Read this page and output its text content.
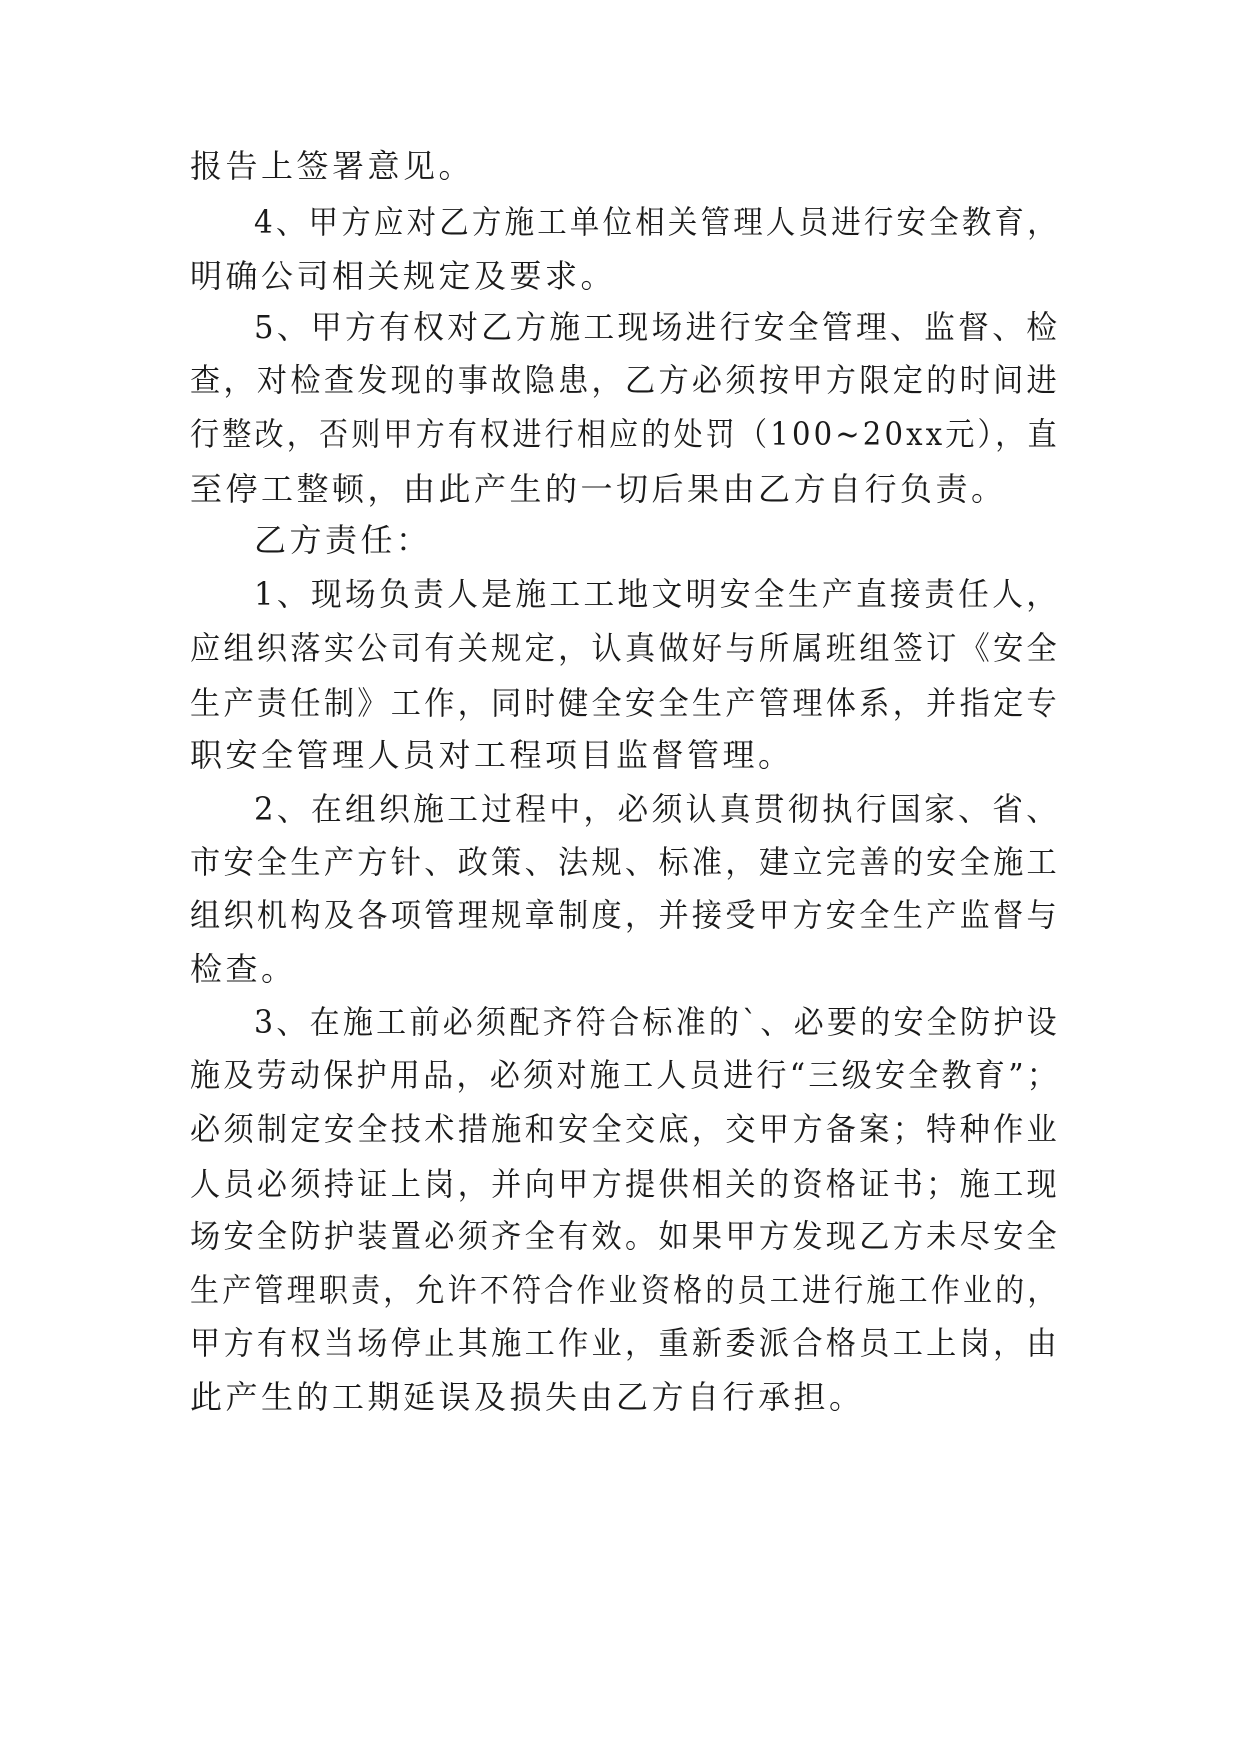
报告上签署意见。
4、甲方应对乙方施工单位相关管理人员进行安全教育，
明确公司相关规定及要求。
5、甲方有权对乙方施工现场进行安全管理、监督、检
查，对检查发现的事故隐患，乙方必须按甲方限定的时间进
行整改，否则甲方有权进行相应的处罚（100~20xx元），直
至停工整顿，由此产生的一切后果由乙方自行负责。
乙方责任：
1、现场负责人是施工工地文明安全生产直接责任人，
应组织落实公司有关规定，认真做好与所属班组签订《安全
生产责任制》工作，同时健全安全生产管理体系，并指定专
职安全管理人员对工程项目监督管理。
2、在组织施工过程中，必须认真贯彻执行国家、省、
市安全生产方针、政策、法规、标准，建立完善的安全施工
组织机构及各项管理规章制度，并接受甲方安全生产监督与
检查。
3、在施工前必须配齐符合标准的`、必要的安全防护设
施及劳动保护用品，必须对施工人员进行“三级安全教育”；
必须制定安全技术措施和安全交底，交甲方备案；特种作业
人员必须持证上岗，并向甲方提供相关的资格证书；施工现
场安全防护装置必须齐全有效。如果甲方发现乙方未尽安全
生产管理职责，允许不符合作业资格的员工进行施工作业的，
甲方有权当场停止其施工作业，重新委派合格员工上岗，由
此产生的工期延误及损失由乙方自行承担。
